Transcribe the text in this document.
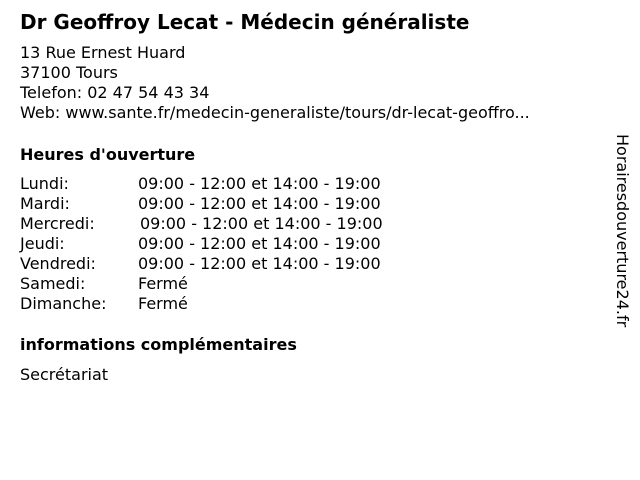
Dr Geoffroy Lecat - Médecin généraliste
13 Rue Ernest Huard
37100 Tours
Telefon: 02 47 54 43 34
Web: www.sante.fr/medecin-generaliste/tours/dr-lecat-geoffro...
Heures d'ouverture
Lundi:	09:00 - 12:00 et 14:00 - 19:00
Mardi:	09:00 - 12:00 et 14:00 - 19:00
Mercredi:	09:00 - 12:00 et 14:00 - 19:00
Jeudi:	09:00 - 12:00 et 14:00 - 19:00
Vendredi:	09:00 - 12:00 et 14:00 - 19:00
Samedi:	Fermé
Dimanche: Fermé
informations complémentaires
Secrétariat
Horairesdouverture24.fr
